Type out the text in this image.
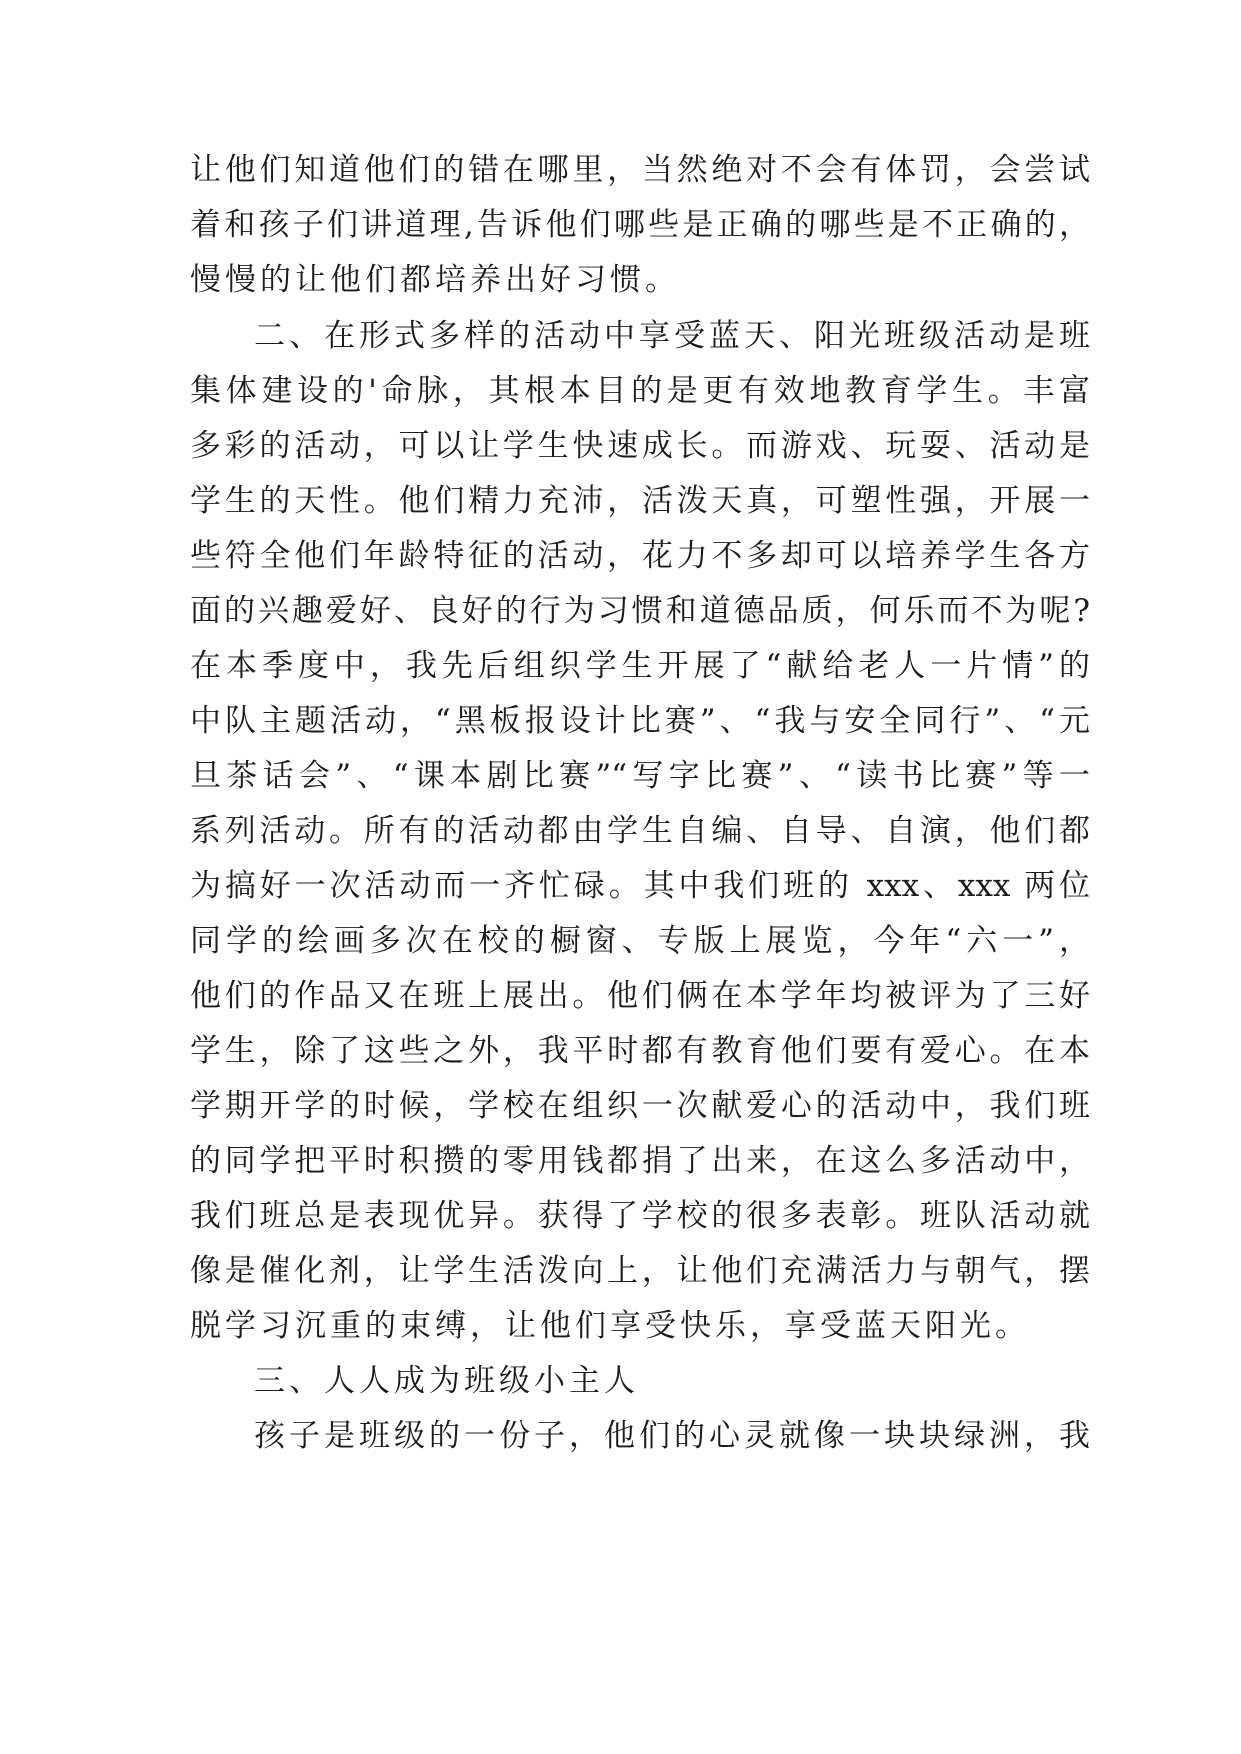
让他们知道他们的错在哪里，当然绝对不会有体罚，会尝试
着和孩子们讲道理,告诉他们哪些是正确的哪些是不正确的，
慢慢的让他们都培养出好习惯。
二、在形式多样的活动中享受蓝天、阳光班级活动是班
集体建设的'命脉，其根本目的是更有效地教育学生。丰富
多彩的活动，可以让学生快速成长。而游戏、玩耍、活动是
学生的天性。他们精力充沛，活泼天真，可塑性强，开展一
些符全他们年龄特征的活动，花力不多却可以培养学生各方
面的兴趣爱好、良好的行为习惯和道德品质，何乐而不为呢?
在本季度中，我先后组织学生开展了“献给老人一片情”的
中队主题活动，“黑板报设计比赛”、“我与安全同行”、“元
旦茶话会”、“课本剧比赛”“写字比赛”、“读书比赛”等一
系列活动。所有的活动都由学生自编、自导、自演，他们都
为搞好一次活动而一齐忙碌。其中我们班的 xxx、xxx 两位
同学的绘画多次在校的橱窗、专版上展览，今年“六一”，
他们的作品又在班上展出。他们俩在本学年均被评为了三好
学生，除了这些之外，我平时都有教育他们要有爱心。在本
学期开学的时候，学校在组织一次献爱心的活动中，我们班
的同学把平时积攒的零用钱都捐了出来，在这么多活动中，
我们班总是表现优异。获得了学校的很多表彰。班队活动就
像是催化剂，让学生活泼向上，让他们充满活力与朝气，摆
脱学习沉重的束缚，让他们享受快乐，享受蓝天阳光。
三、人人成为班级小主人
孩子是班级的一份子，他们的心灵就像一块块绿洲，我
